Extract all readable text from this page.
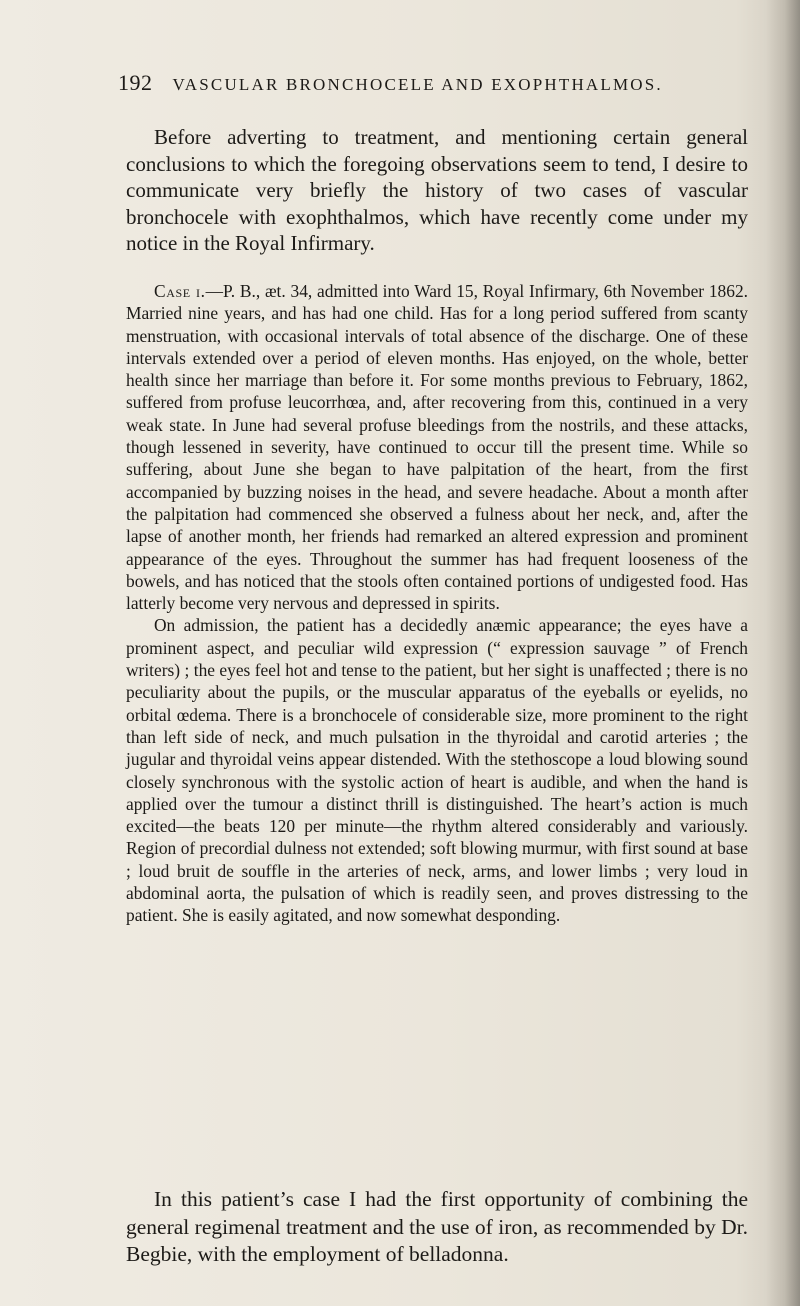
192 VASCULAR BRONCHOCELE AND EXOPHTHALMOS.

Before adverting to treatment, and mentioning certain general conclusions to which the foregoing observations seem to tend, I desire to communicate very briefly the history of two cases of vascular bronchocele with exophthalmos, which have recently come under my notice in the Royal Infirmary.

Case i.—P. B., æt. 34, admitted into Ward 15, Royal Infirmary, 6th November 1862. Married nine years, and has had one child. Has for a long period suffered from scanty menstruation, with occasional intervals of total absence of the discharge. One of these intervals extended over a period of eleven months. Has enjoyed, on the whole, better health since her marriage than before it. For some months previous to February, 1862, suffered from profuse leucorrhœa, and, after recovering from this, continued in a very weak state. In June had several profuse bleedings from the nostrils, and these attacks, though lessened in severity, have continued to occur till the present time. While so suffering, about June she began to have palpitation of the heart, from the first accompanied by buzzing noises in the head, and severe headache. About a month after the palpitation had commenced she observed a fulness about her neck, and, after the lapse of another month, her friends had remarked an altered expression and prominent appearance of the eyes. Throughout the summer has had frequent looseness of the bowels, and has noticed that the stools often contained portions of undigested food. Has latterly become very nervous and depressed in spirits.

On admission, the patient has a decidedly anæmic appearance; the eyes have a prominent aspect, and peculiar wild expression (“ expression sauvage ” of French writers) ; the eyes feel hot and tense to the patient, but her sight is unaffected ; there is no peculiarity about the pupils, or the muscular apparatus of the eyeballs or eyelids, no orbital œdema. There is a bronchocele of considerable size, more prominent to the right than left side of neck, and much pulsation in the thyroidal and carotid arteries ; the jugular and thyroidal veins appear distended. With the stethoscope a loud blowing sound closely synchronous with the systolic action of heart is audible, and when the hand is applied over the tumour a distinct thrill is distinguished. The heart’s action is much excited—the beats 120 per minute—the rhythm altered considerably and variously. Region of precordial dulness not extended; soft blowing murmur, with first sound at base ; loud bruit de souffle in the arteries of neck, arms, and lower limbs ; very loud in abdominal aorta, the pulsation of which is readily seen, and proves distressing to the patient. She is easily agitated, and now somewhat desponding.

In this patient’s case I had the first opportunity of combining the general regimenal treatment and the use of iron, as recommended by Dr. Begbie, with the employment of belladonna.
